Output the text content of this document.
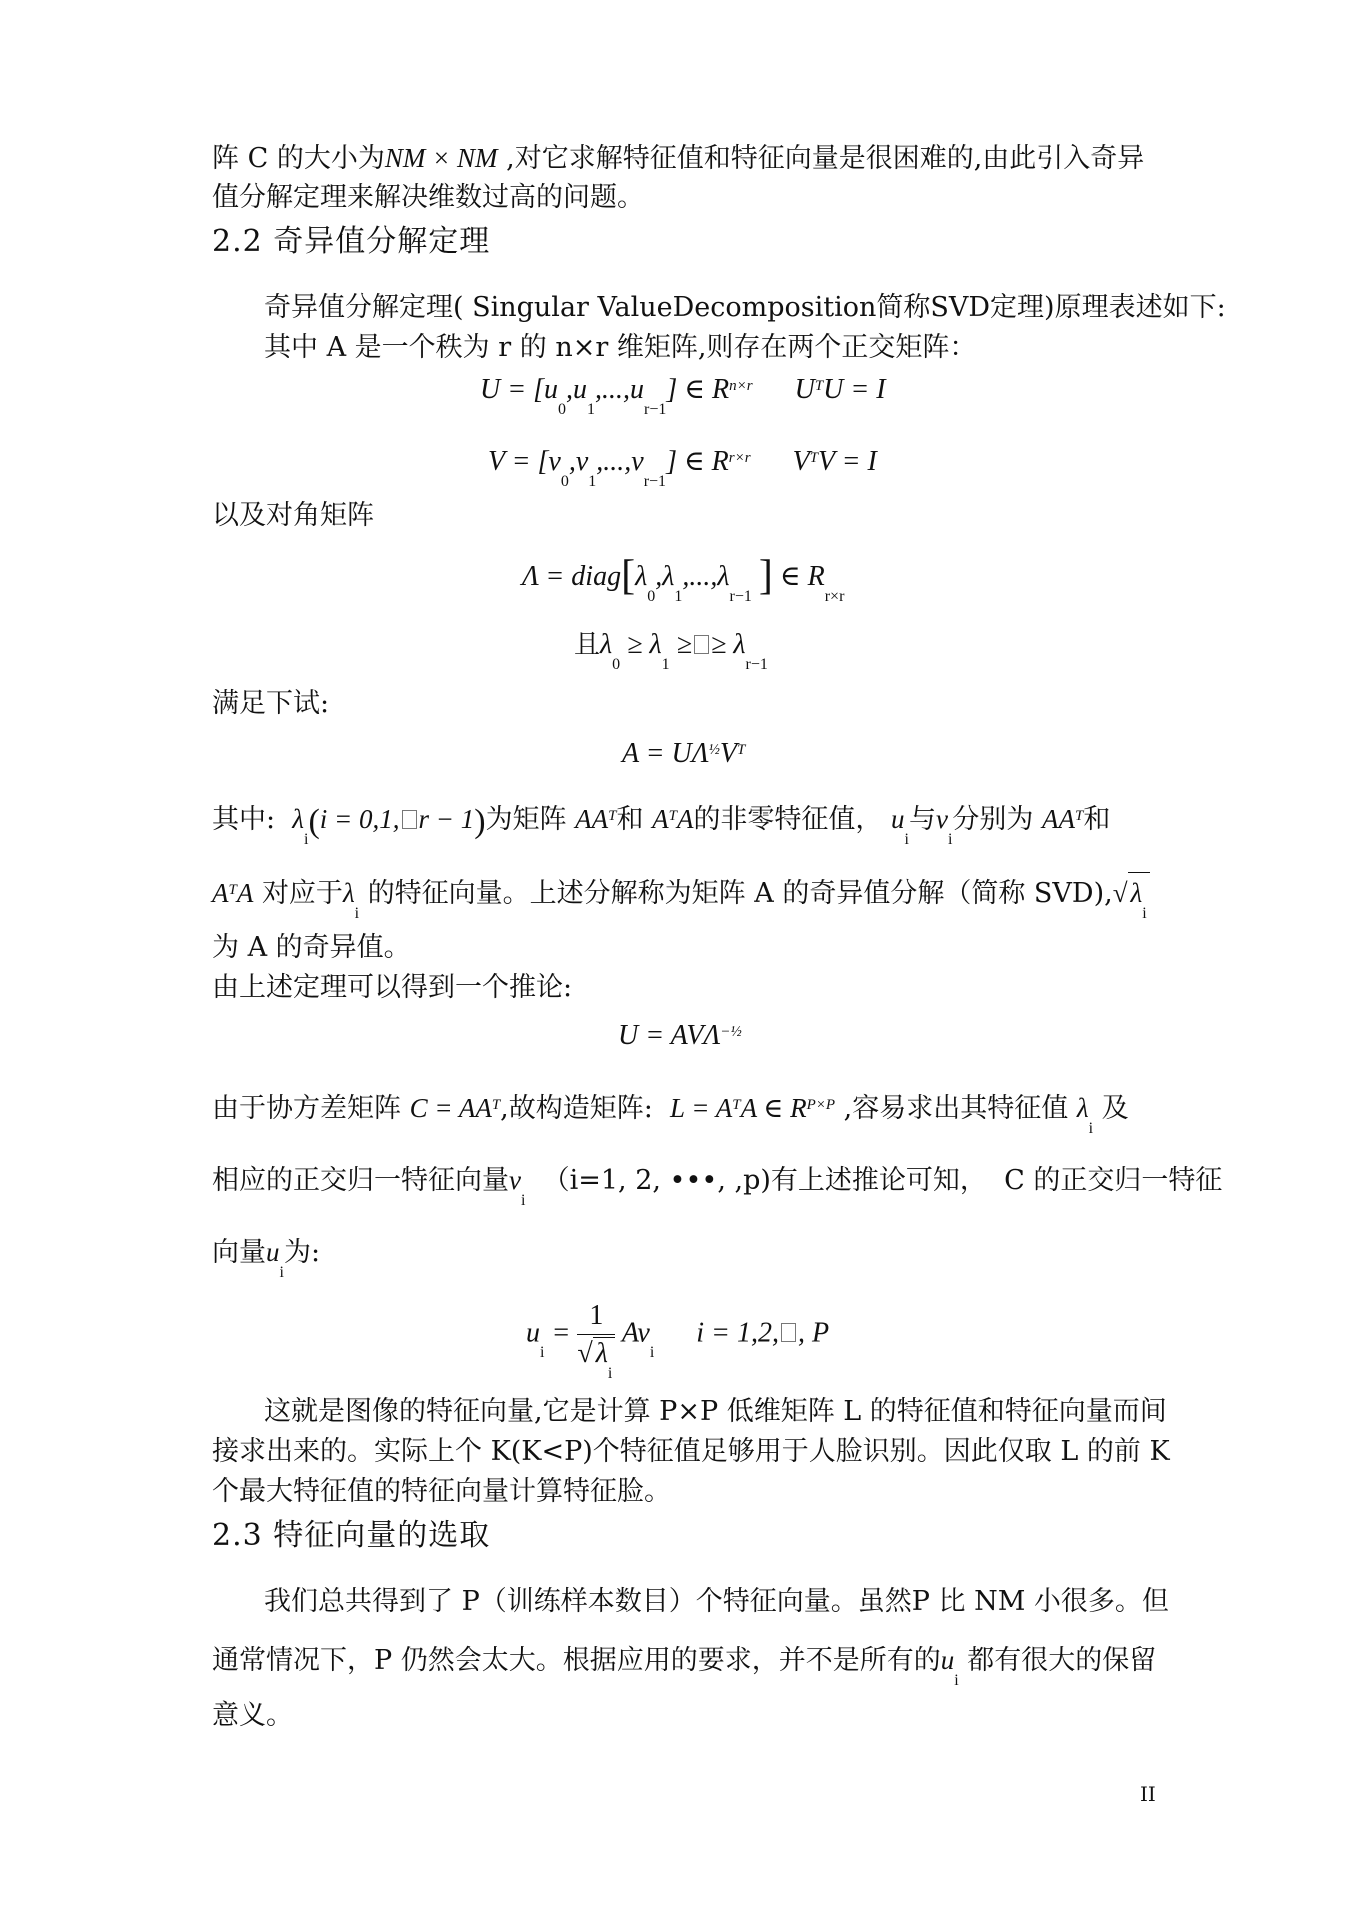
阵 C 的大小为NM × NM ,对它求解特征值和特征向量是很困难的,由此引入奇异
值分解定理来解决维数过高的问题。
2.2 奇异值分解定理
奇异值分解定理( Singular ValueDecomposition简称SVD定理)原理表述如下:
其中 A 是一个秩为 r 的 n×r 维矩阵,则存在两个正交矩阵：
$U = [u_0,u_1,...,u_{r-1}]$ ∈ $R^{n\times r}$      $U^TU = I$
$V = [v_0,v_1,...,v_{r-1}]$ ∈ $R^{r\times r}$      $V^TV = I$
以及对角矩阵
$\Lambda = diag[\lambda_0,\lambda_1,...,\lambda_{r-1}$ ] ∈ $R_{r\times r}$
且$\lambda_0 \ge \lambda_1$ ≥ ≥ $\lambda_{r-1}$
满足下试:
$A = U\Lambda^{\frac{1}{2}}V^T$
其中: $\lambda_i(i = 0,1$, r − 1)为矩阵 $AA^T$和 $A^TA$的非零特征值， $u_i$与$v_i$分别为 $AA^T$和
$A^TA$ 对应于$\lambda_i$ 的特征向量。上述分解称为矩阵 A 的奇异值分解（简称 SVD),√ $\lambda_i$
为 A 的奇异值。
由上述定理可以得到一个推论:
$U = AV\Lambda^{-\frac{1}{2}}$
由于协方差矩阵 $C = AA^T$,故构造矩阵: $L = A^TA$ ∈ $R^{P\times P}$ ,容易求出其特征值 $\lambda_i$ 及
相应的正交归一特征向量$v_i$  （i=1, 2, •••, ,p)有上述推论可知， C 的正交归一特征
向量$u_i$为:
$u_i = \frac{1}{√ \lambda_i} Av_i$      i = 1,2, , P
这就是图像的特征向量,它是计算 P×P 低维矩阵 L 的特征值和特征向量而间
接求出来的。实际上个 K(K<P)个特征值足够用于人脸识别。因此仅取 L 的前 K
个最大特征值的特征向量计算特征脸。
2.3 特征向量的选取
我们总共得到了 P（训练样本数目）个特征向量。虽然P 比 NM 小很多。但
通常情况下，P 仍然会太大。根据应用的要求，并不是所有的$u_i$ 都有很大的保留
意义。
II
